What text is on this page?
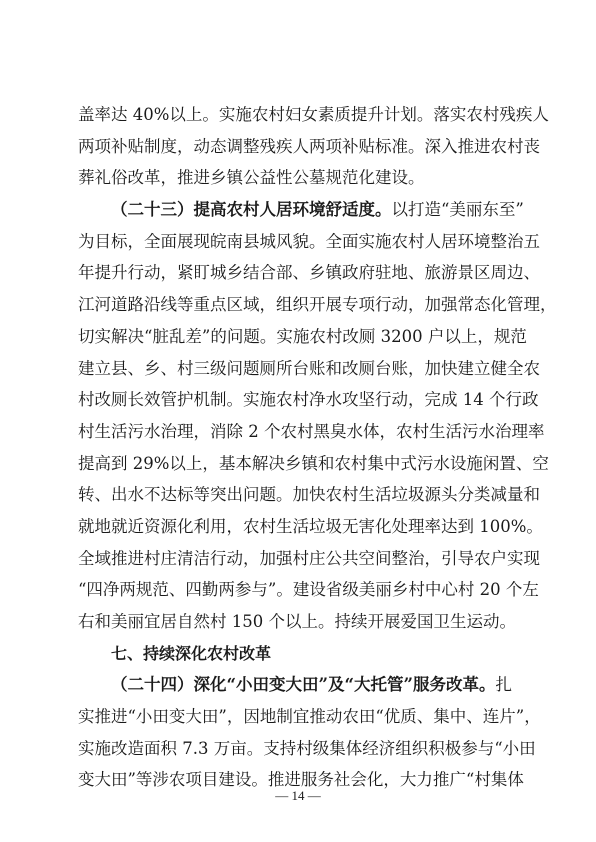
盖率达 40%以上。实施农村妇女素质提升计划。落实农村残疾人
两项补贴制度，动态调整残疾人两项补贴标准。深入推进农村丧
葬礼俗改革，推进乡镇公益性公墓规范化建设。
（二十三）提高农村人居环境舒适度。以打造“美丽东至”
为目标，全面展现皖南县城风貌。全面实施农村人居环境整治五
年提升行动，紧盯城乡结合部、乡镇政府驻地、旅游景区周边、
江河道路沿线等重点区域，组织开展专项行动，加强常态化管理，
切实解决“脏乱差”的问题。实施农村改厕 3200 户以上，规范
建立县、乡、村三级问题厕所台账和改厕台账，加快建立健全农
村改厕长效管护机制。实施农村净水攻坚行动，完成 14 个行政
村生活污水治理，消除 2 个农村黑臭水体，农村生活污水治理率
提高到 29%以上，基本解决乡镇和农村集中式污水设施闲置、空
转、出水不达标等突出问题。加快农村生活垃圾源头分类减量和
就地就近资源化利用，农村生活垃圾无害化处理率达到 100%。
全域推进村庄清洁行动，加强村庄公共空间整治，引导农户实现
“四净两规范、四勤两参与”。建设省级美丽乡村中心村 20 个左
右和美丽宜居自然村 150 个以上。持续开展爱国卫生运动。
七、持续深化农村改革
（二十四）深化“小田变大田”及“大托管”服务改革。扎
实推进“小田变大田”，因地制宜推动农田“优质、集中、连片”，
实施改造面积 7.3 万亩。支持村级集体经济组织积极参与“小田
变大田”等涉农项目建设。推进服务社会化，大力推广“村集体
— 14 —
